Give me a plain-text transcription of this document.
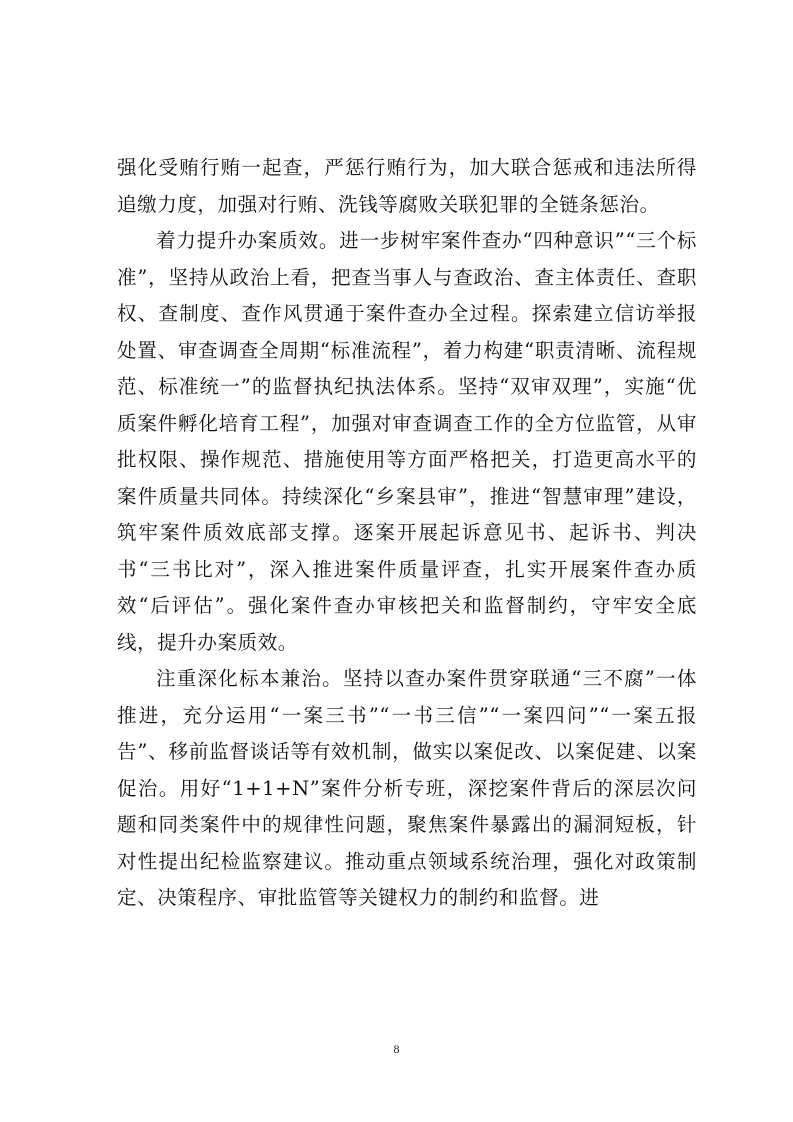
强化受贿行贿一起查，严惩行贿行为，加大联合惩戒和违法所得追缴力度，加强对行贿、洗钱等腐败关联犯罪的全链条惩治。

着力提升办案质效。进一步树牢案件查办“四种意识”“三个标准”，坚持从政治上看，把查当事人与查政治、查主体责任、查职权、查制度、查作风贯通于案件查办全过程。探索建立信访举报处置、审查调查全周期“标准流程”，着力构建“职责清晰、流程规范、标准统一”的监督执纪执法体系。坚持“双审双理”，实施“优质案件孵化培育工程”，加强对审查调查工作的全方位监管，从审批权限、操作规范、措施使用等方面严格把关，打造更高水平的案件质量共同体。持续深化“乡案县审”，推进“智慧审理”建设，筑牢案件质效底部支撑。逐案开展起诉意见书、起诉书、判决书“三书比对”，深入推进案件质量评查，扎实开展案件查办质效“后评估”。强化案件查办审核把关和监督制约，守牢安全底线，提升办案质效。

注重深化标本兼治。坚持以查办案件贯穿联通“三不腐”一体推进，充分运用“一案三书”“一书三信”“一案四问”“一案五报告”、移前监督谈话等有效机制，做实以案促改、以案促建、以案促治。用好“1+1+N”案件分析专班，深挖案件背后的深层次问题和同类案件中的规律性问题，聚焦案件暴露出的漏洞短板，针对性提出纪检监察建议。推动重点领域系统治理，强化对政策制定、决策程序、审批监管等关键权力的制约和监督。进

8
